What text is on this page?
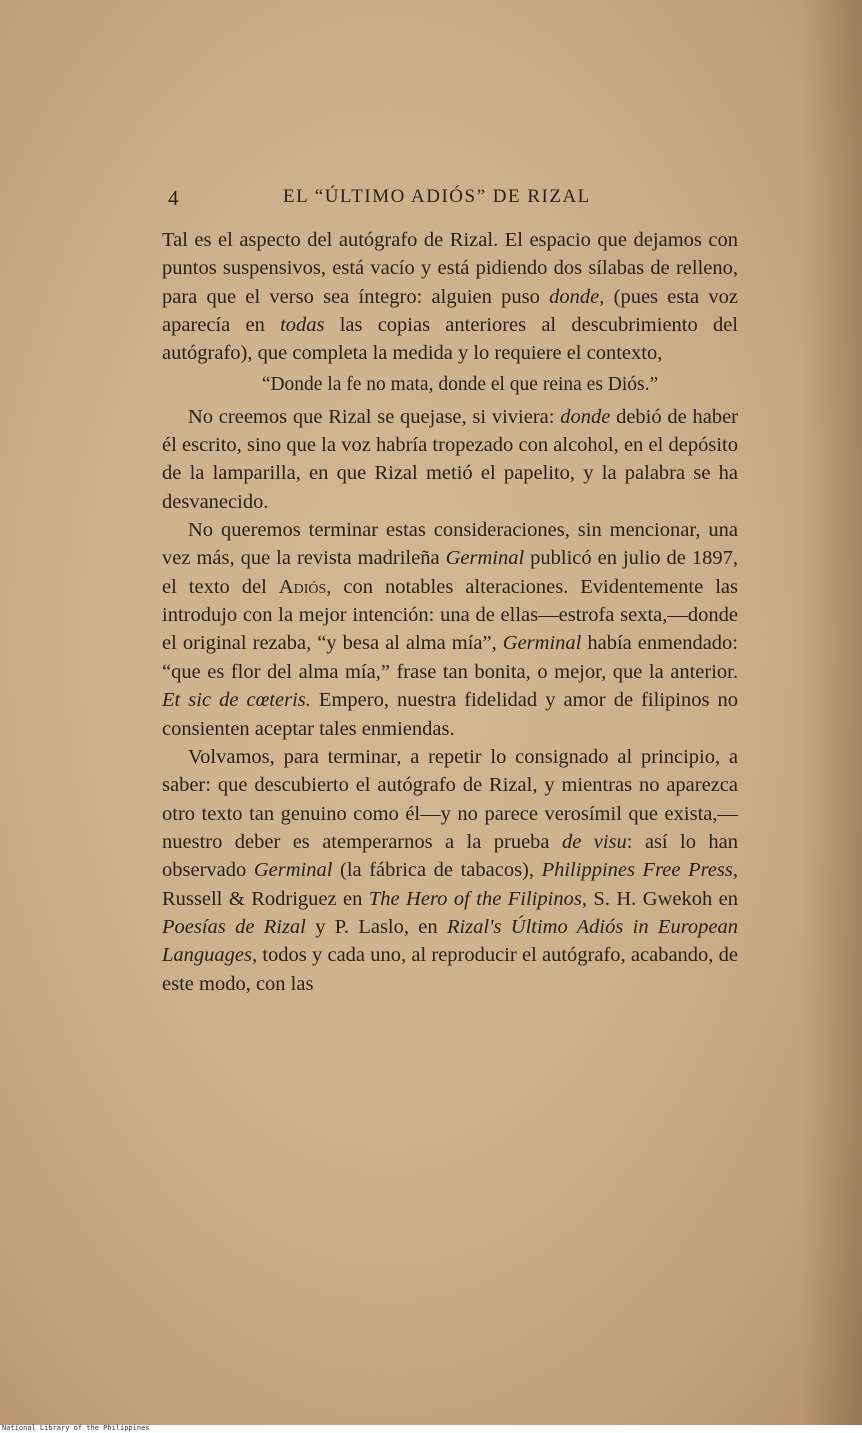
4	EL “ÚLTIMO ADIÓS” DE RIZAL

Tal es el aspecto del autógrafo de Rizal. El espacio que dejamos con puntos suspensivos, está vacío y está pidiendo dos sílabas de relleno, para que el verso sea íntegro: alguien puso donde, (pues esta voz aparecía en todas las copias anteriores al descubrimiento del autógrafo), que completa la medida y lo requiere el contexto,

“Donde la fe no mata, donde el que reina es Diós.”

No creemos que Rizal se quejase, si viviera: donde debió de haber él escrito, sino que la voz habría tropezado con alcohol, en el depósito de la lamparilla, en que Rizal metió el papelito, y la palabra se ha desvanecido.

No queremos terminar estas consideraciones, sin mencionar, una vez más, que la revista madrileña Germinal publicó en julio de 1897, el texto del Adiós, con notables alteraciones. Evidentemente las introdujo con la mejor intención: una de ellas—estrofa sexta,—donde el original rezaba, “y besa al alma mía”, Germinal había enmendado: “que es flor del alma mía,” frase tan bonita, o mejor, que la anterior. Et sic de cœteris. Empero, nuestra fidelidad y amor de filipinos no consienten aceptar tales enmiendas.

Volvamos, para terminar, a repetir lo consignado al principio, a saber: que descubierto el autógrafo de Rizal, y mientras no aparezca otro texto tan genuino como él—y no parece verosímil que exista,—nuestro deber es atemperarnos a la prueba de visu: así lo han observado Germinal (la fábrica de tabacos), Philippines Free Press, Russell & Rodriguez en The Hero of the Filipinos, S. H. Gwekoh en Poesías de Rizal y P. Laslo, en Rizal's Último Adiós in European Languages, todos y cada uno, al reproducir el autógrafo, acabando, de este modo, con las

National Library of the Philippines
